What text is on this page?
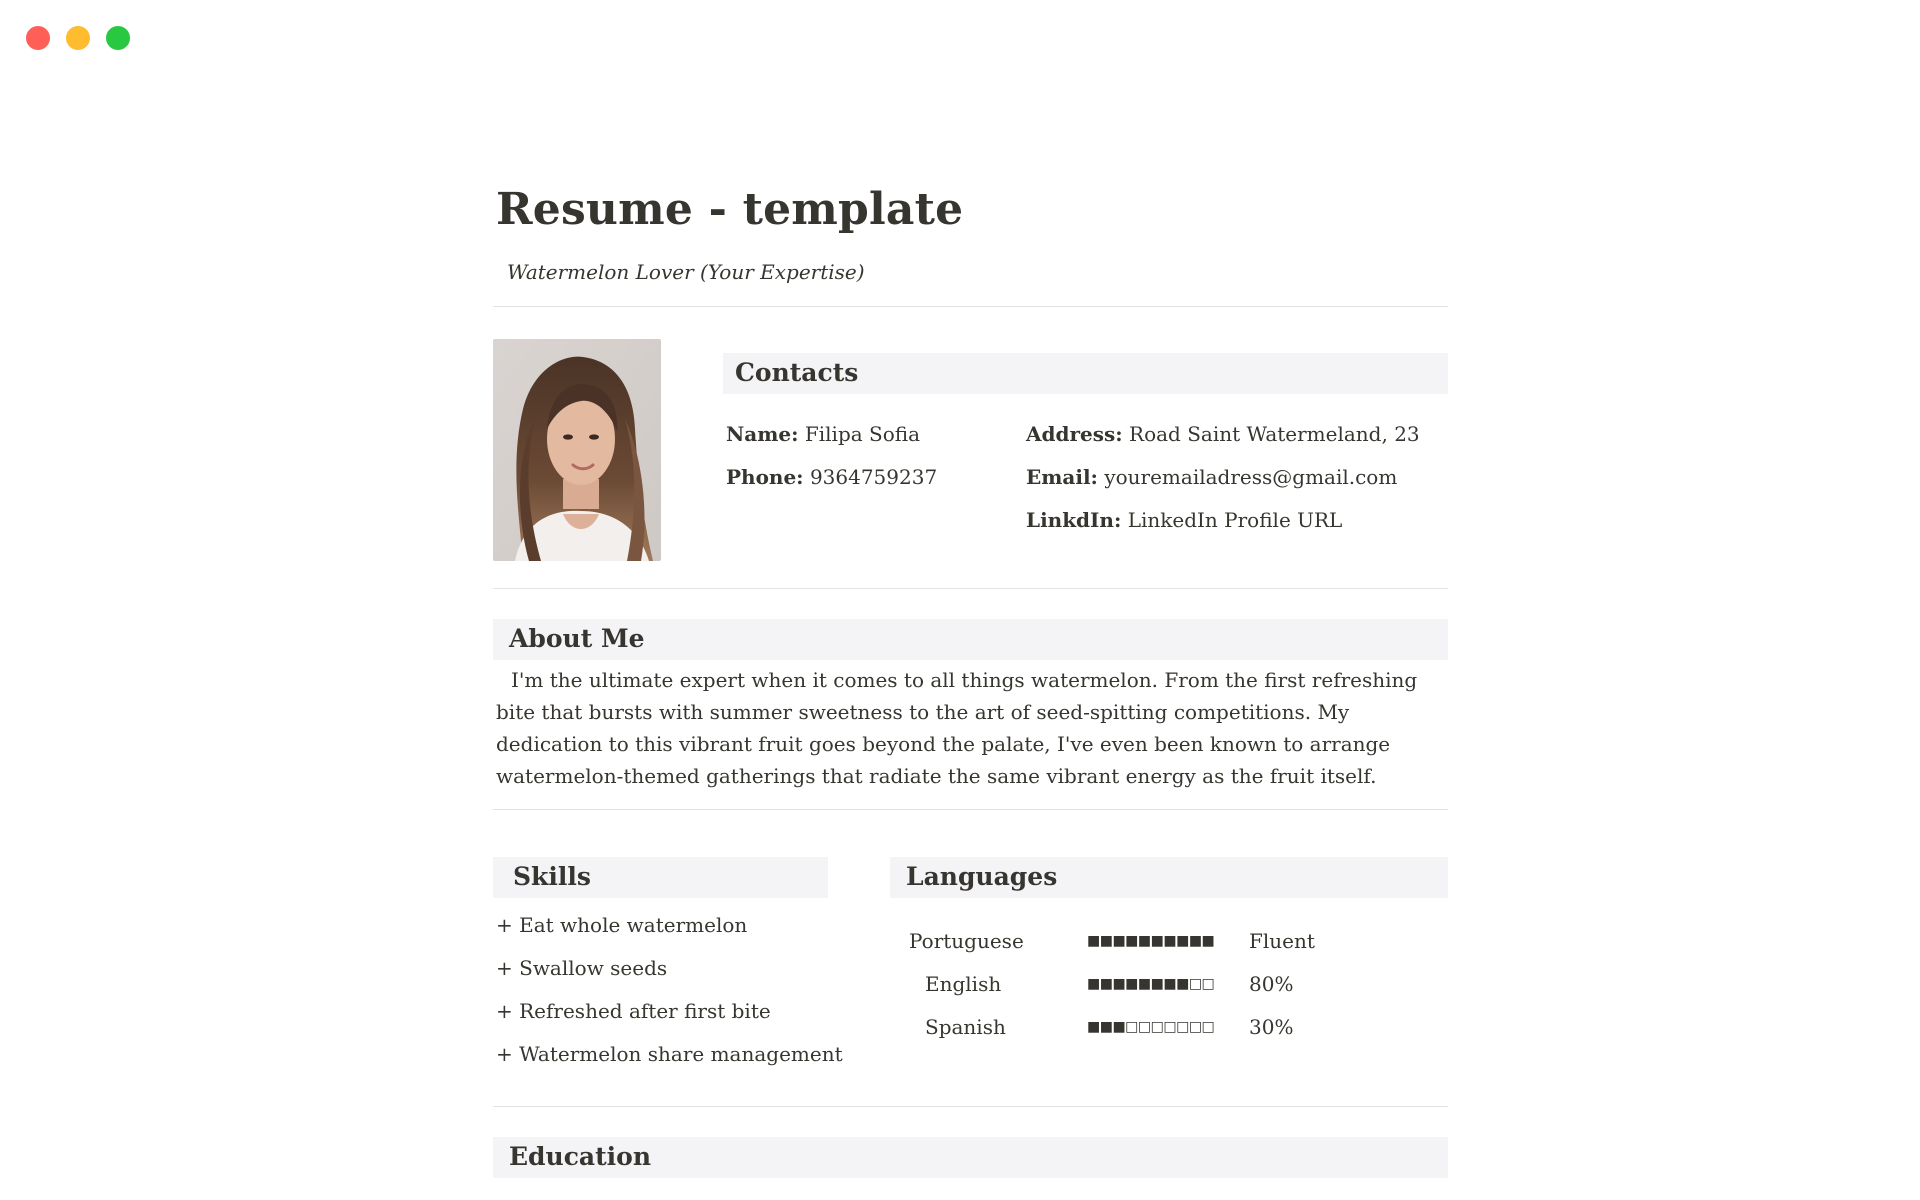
Resume - template
Watermelon Lover (Your Expertise)
Contacts
Name: Filipa Sofia
Phone: 9364759237
Address: Road Saint Watermeland, 23
Email: youremailadress@gmail.com
LinkdIn: LinkedIn Profile URL
About Me
I'm the ultimate expert when it comes to all things watermelon. From the first refreshing bite that bursts with summer sweetness to the art of seed-spitting competitions. My dedication to this vibrant fruit goes beyond the palate, I've even been known to arrange watermelon-themed gatherings that radiate the same vibrant energy as the fruit itself.
Skills
+ Eat whole watermelon
+ Swallow seeds
+ Refreshed after first bite
+ Watermelon share management
Languages
Portuguese	■■■■■■■■■■	Fluent
English	■■■■■■■■□□	80%
Spanish	■■■□□□□□□□	30%
Education
